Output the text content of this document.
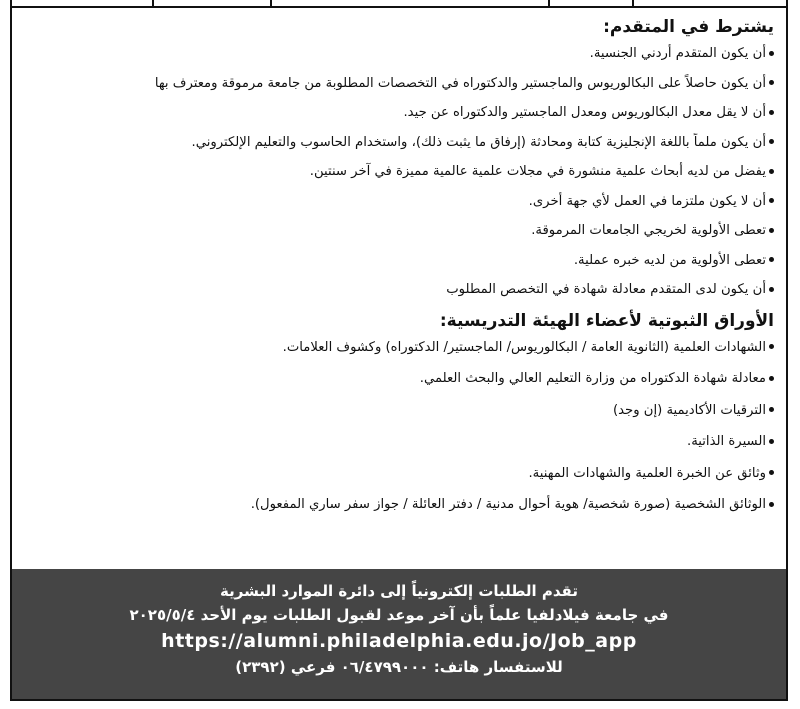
يشترط في المتقدم:
أن يكون المتقدم أردني الجنسية.
أن يكون حاصلاً على البكالوريوس والماجستير والدكتوراه في التخصصات المطلوبة من جامعة مرموقة ومعترف بها
أن لا يقل معدل البكالوريوس ومعدل الماجستير والدكتوراه عن جيد.
أن يكون ملماً باللغة الإنجليزية كتابة ومحادثة (إرفاق ما يثبت ذلك)، واستخدام الحاسوب والتعليم الإلكتروني.
يفضل من لديه أبحاث علمية منشورة في مجلات علمية عالمية مميزة في آخر سنتين.
أن لا يكون ملتزما في العمل لأي جهة أخرى.
تعطى الأولوية لخريجي الجامعات المرموقة.
تعطى الأولوية من لديه خبره عملية.
أن يكون لدى المتقدم معادلة شهادة في التخصص المطلوب
الأوراق الثبوتية لأعضاء الهيئة التدريسية:
الشهادات العلمية (الثانوية العامة / البكالوريوس/ الماجستير/ الدكتوراه) وكشوف العلامات.
معادلة شهادة الدكتوراه من وزارة التعليم العالي والبحث العلمي.
الترقيات الأكاديمية (إن وجد)
السيرة الذاتية.
وثائق عن الخبرة العلمية والشهادات المهنية.
الوثائق الشخصية (صورة شخصية/ هوية أحوال مدنية / دفتر العائلة / جواز سفر ساري المفعول).
تقدم الطلبات إلكترونياً إلى دائرة الموارد البشرية
في جامعة فيلادلفيا علماً بأن آخر موعد لقبول الطلبات يوم الأحد ٢٠٢٥/٥/٤
https://alumni.philadelphia.edu.jo/Job_app
للاستفسار هاتف: ٠٦/٤٧٩٩٠٠٠ فرعي (٢٣٩٢)
